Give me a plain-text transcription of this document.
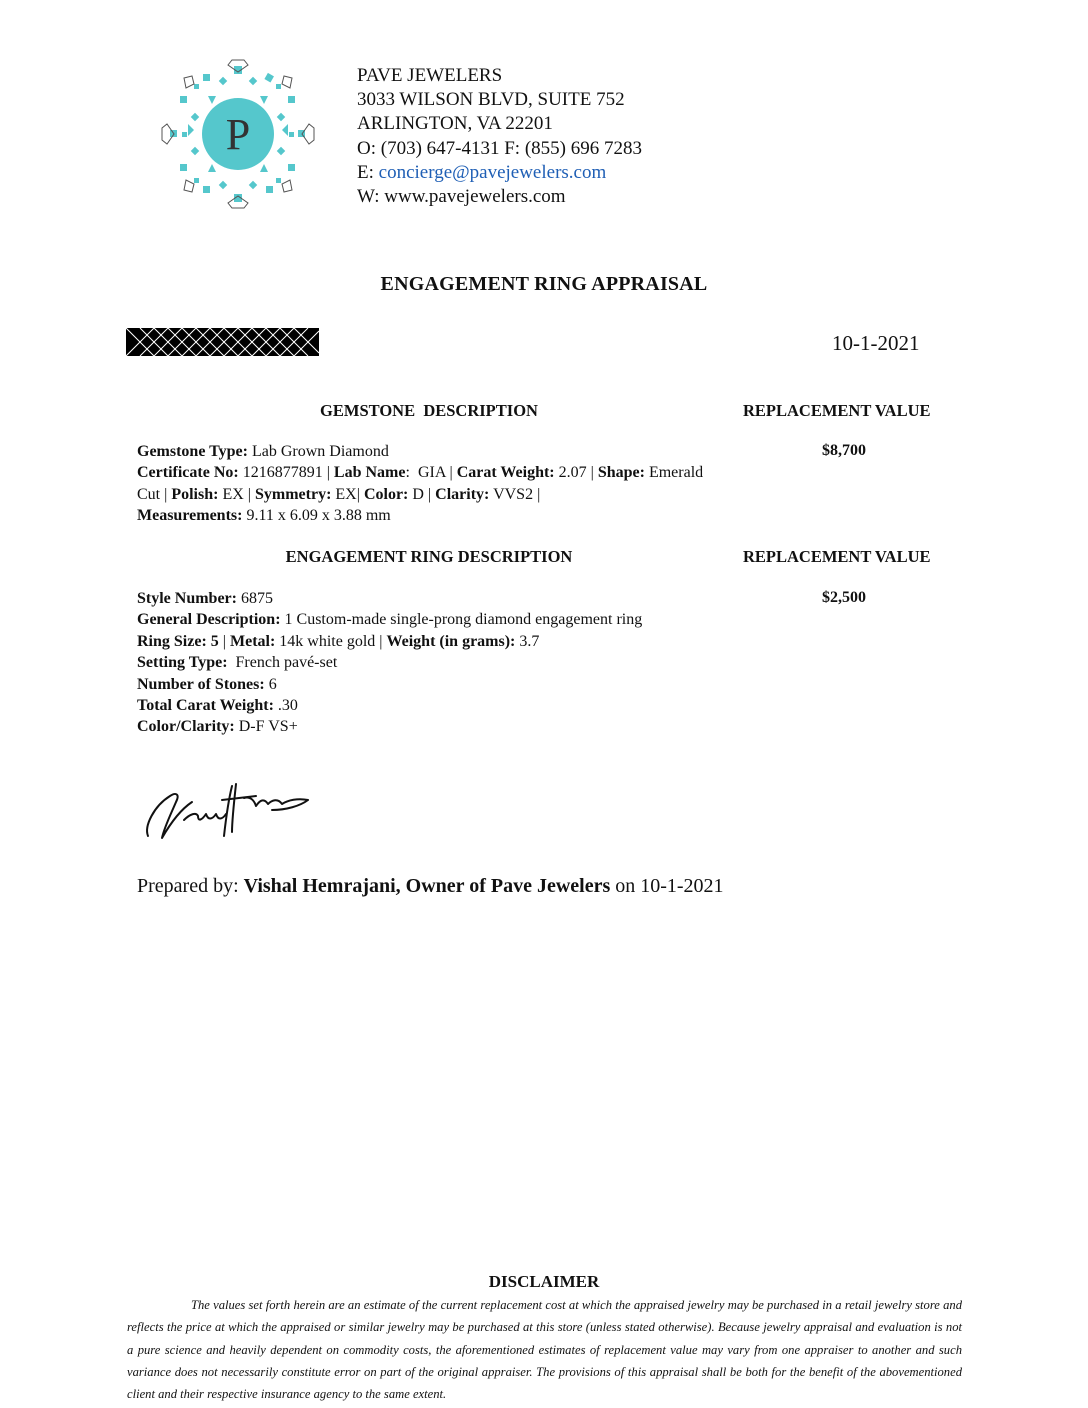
P
PAVE JEWELERS
3033 WILSON BLVD, SUITE 752
ARLINGTON, VA 22201
O: (703) 647-4131 F: (855) 696 7283
E: concierge@pavejewelers.com
W: www.pavejewelers.com
ENGAGEMENT RING APPRAISAL
10-1-2021
GEMSTONE  DESCRIPTION	REPLACEMENT VALUE
$8,700
Gemstone Type: Lab Grown Diamond
Certificate No: 1216877891 | Lab Name:  GIA | Carat Weight: 2.07 | Shape: Emerald Cut | Polish: EX | Symmetry: EX| Color: D | Clarity: VVS2 |
Measurements: 9.11 x 6.09 x 3.88 mm
ENGAGEMENT RING DESCRIPTION	REPLACEMENT VALUE
$2,500
Style Number: 6875
General Description: 1 Custom-made single-prong diamond engagement ring
Ring Size: 5 | Metal: 14k white gold | Weight (in grams): 3.7
Setting Type: French pavé-set
Number of Stones: 6
Total Carat Weight: .30
Color/Clarity: D-F VS+
Prepared by: Vishal Hemrajani, Owner of Pave Jewelers on 10-1-2021
DISCLAIMER
The values set forth herein are an estimate of the current replacement cost at which the appraised jewelry may be purchased in a retail jewelry store and reflects the price at which the appraised or similar jewelry may be purchased at this store (unless stated otherwise). Because jewelry appraisal and evaluation is not a pure science and heavily dependent on commodity costs, the aforementioned estimates of replacement value may vary from one appraiser to another and such variance does not necessarily constitute error on part of the original appraiser. The provisions of this appraisal shall be both for the benefit of the abovementioned client and their respective insurance agency to the same extent.
